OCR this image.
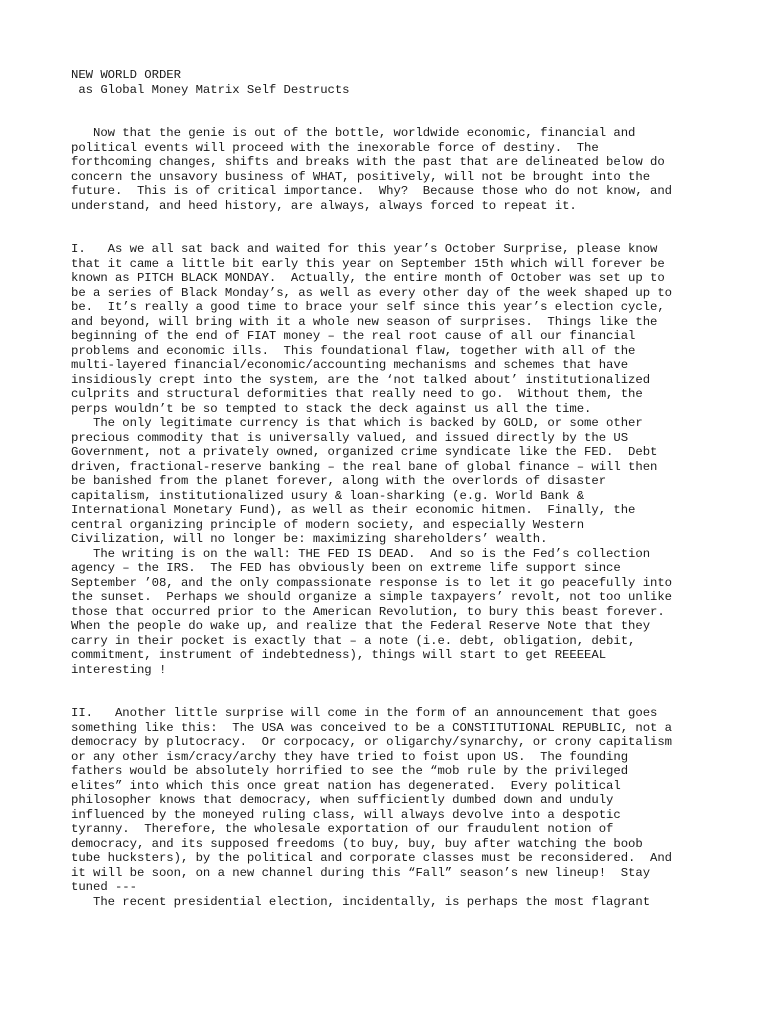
NEW WORLD ORDER
as Global Money Matrix Self Destructs
Now that the genie is out of the bottle, worldwide economic, financial and
political events will proceed with the inexorable force of destiny.  The
forthcoming changes, shifts and breaks with the past that are delineated below do
concern the unsavory business of WHAT, positively, will not be brought into the
future.  This is of critical importance.  Why?  Because those who do not know, and
understand, and heed history, are always, always forced to repeat it.
I.   As we all sat back and waited for this year’s October Surprise, please know
that it came a little bit early this year on September 15th which will forever be
known as PITCH BLACK MONDAY.  Actually, the entire month of October was set up to
be a series of Black Monday’s, as well as every other day of the week shaped up to
be.  It’s really a good time to brace your self since this year’s election cycle,
and beyond, will bring with it a whole new season of surprises.  Things like the
beginning of the end of FIAT money – the real root cause of all our financial
problems and economic ills.  This foundational flaw, together with all of the
multi-layered financial/economic/accounting mechanisms and schemes that have
insidiously crept into the system, are the ‘not talked about’ institutionalized
culprits and structural deformities that really need to go.  Without them, the
perps wouldn’t be so tempted to stack the deck against us all the time.
The only legitimate currency is that which is backed by GOLD, or some other
precious commodity that is universally valued, and issued directly by the US
Government, not a privately owned, organized crime syndicate like the FED.  Debt
driven, fractional-reserve banking – the real bane of global finance – will then
be banished from the planet forever, along with the overlords of disaster
capitalism, institutionalized usury & loan-sharking (e.g. World Bank &
International Monetary Fund), as well as their economic hitmen.  Finally, the
central organizing principle of modern society, and especially Western
Civilization, will no longer be: maximizing shareholders’ wealth.
The writing is on the wall: THE FED IS DEAD.  And so is the Fed’s collection
agency – the IRS.  The FED has obviously been on extreme life support since
September ’08, and the only compassionate response is to let it go peacefully into
the sunset.  Perhaps we should organize a simple taxpayers’ revolt, not too unlike
those that occurred prior to the American Revolution, to bury this beast forever.
When the people do wake up, and realize that the Federal Reserve Note that they
carry in their pocket is exactly that – a note (i.e. debt, obligation, debit,
commitment, instrument of indebtedness), things will start to get REEEEAL
interesting !
II.   Another little surprise will come in the form of an announcement that goes
something like this:  The USA was conceived to be a CONSTITUTIONAL REPUBLIC, not a
democracy by plutocracy.  Or corpocacy, or oligarchy/synarchy, or crony capitalism
or any other ism/cracy/archy they have tried to foist upon US.  The founding
fathers would be absolutely horrified to see the “mob rule by the privileged
elites” into which this once great nation has degenerated.  Every political
philosopher knows that democracy, when sufficiently dumbed down and unduly
influenced by the moneyed ruling class, will always devolve into a despotic
tyranny.  Therefore, the wholesale exportation of our fraudulent notion of
democracy, and its supposed freedoms (to buy, buy, buy after watching the boob
tube hucksters), by the political and corporate classes must be reconsidered.  And
it will be soon, on a new channel during this “Fall” season’s new lineup!  Stay
tuned ---
The recent presidential election, incidentally, is perhaps the most flagrant
